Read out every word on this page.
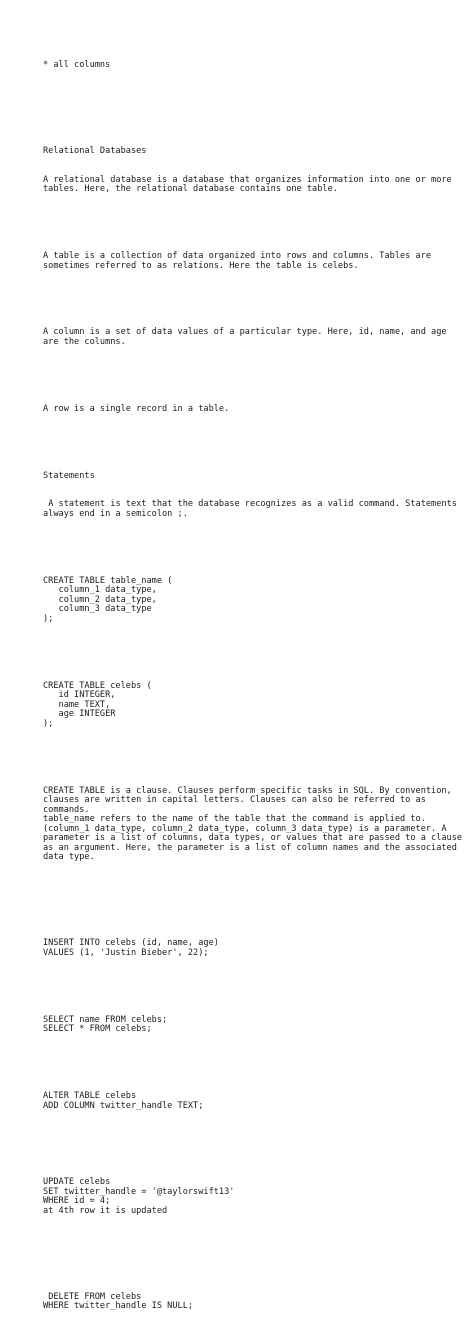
* all columns

Relational Databases

A relational database is a database that organizes information into one or more tables. Here, the relational database contains one table.

A table is a collection of data organized into rows and columns. Tables are sometimes referred to as relations. Here the table is celebs.

A column is a set of data values of a particular type. Here, id, name, and age are the columns.

A row is a single record in a table.

Statements

A statement is text that the database recognizes as a valid command. Statements always end in a semicolon ;.

CREATE TABLE table_name (
column_1 data_type,
column_2 data_type,
column_3 data_type
);

CREATE TABLE celebs (
id INTEGER,
name TEXT,
age INTEGER
);

CREATE TABLE is a clause. Clauses perform specific tasks in SQL. By convention, clauses are written in capital letters. Clauses can also be referred to as commands.
table_name refers to the name of the table that the command is applied to.
(column_1 data_type, column_2 data_type, column_3 data_type) is a parameter. A parameter is a list of columns, data types, or values that are passed to a clause as an argument. Here, the parameter is a list of column names and the associated data type.

INSERT INTO celebs (id, name, age)
VALUES (1, 'Justin Bieber', 22);

SELECT name FROM celebs;
SELECT * FROM celebs;

ALTER TABLE celebs
ADD COLUMN twitter_handle TEXT;

UPDATE celebs
SET twitter_handle = '@taylorswift13'
WHERE id = 4;
at 4th row it is updated

DELETE FROM celebs
WHERE twitter_handle IS NULL;
